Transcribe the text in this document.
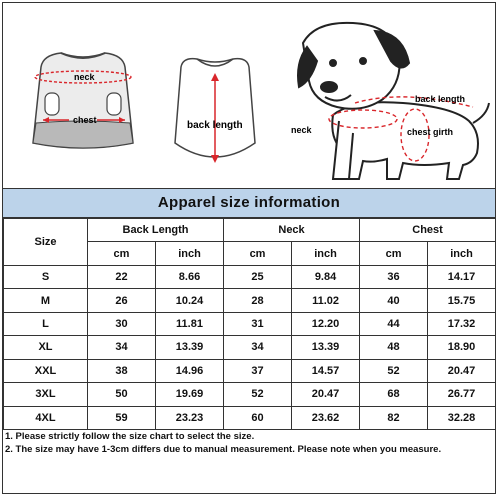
neck
chest	back length
back length
neck	chest girth
Apparel size information
Size	Back Length		Neck		Chest	
	cm	inch	cm	inch	cm	inch
S	22	8.66	25	9.84	36	14.17
M	26	10.24	28	11.02	40	15.75
L	30	11.81	31	12.20	44	17.32
XL	34	13.39	34	13.39	48	18.90
XXL	38	14.96	37	14.57	52	20.47
3XL	50	19.69	52	20.47	68	26.77
4XL	59	23.23	60	23.62	82	32.28
1. Please strictly follow the size chart to select the size.
2. The size may have 1-3cm differs due to manual measurement. Please note when you measure.
